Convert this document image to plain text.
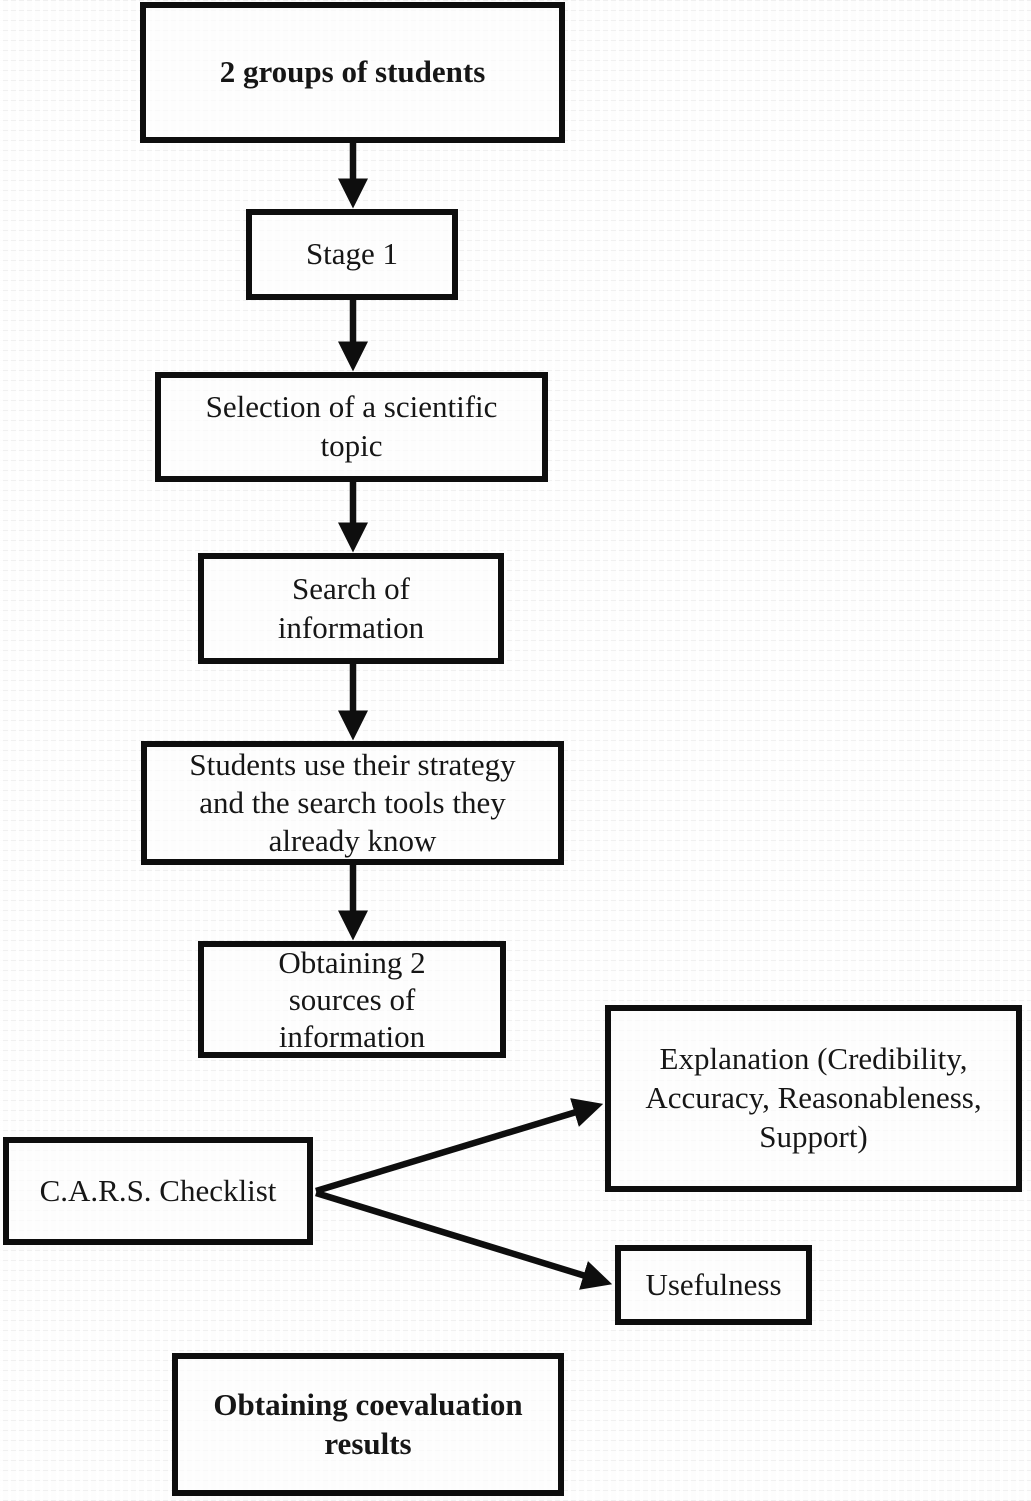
2 groups of students
Stage 1
Selection of a scientific topic
Search of information
Students use their strategy and the search tools they already know
Obtaining 2 sources of information
C.A.R.S. Checklist
Explanation (Credibility, Accuracy, Reasonableness, Support)
Usefulness
Obtaining coevaluation results
